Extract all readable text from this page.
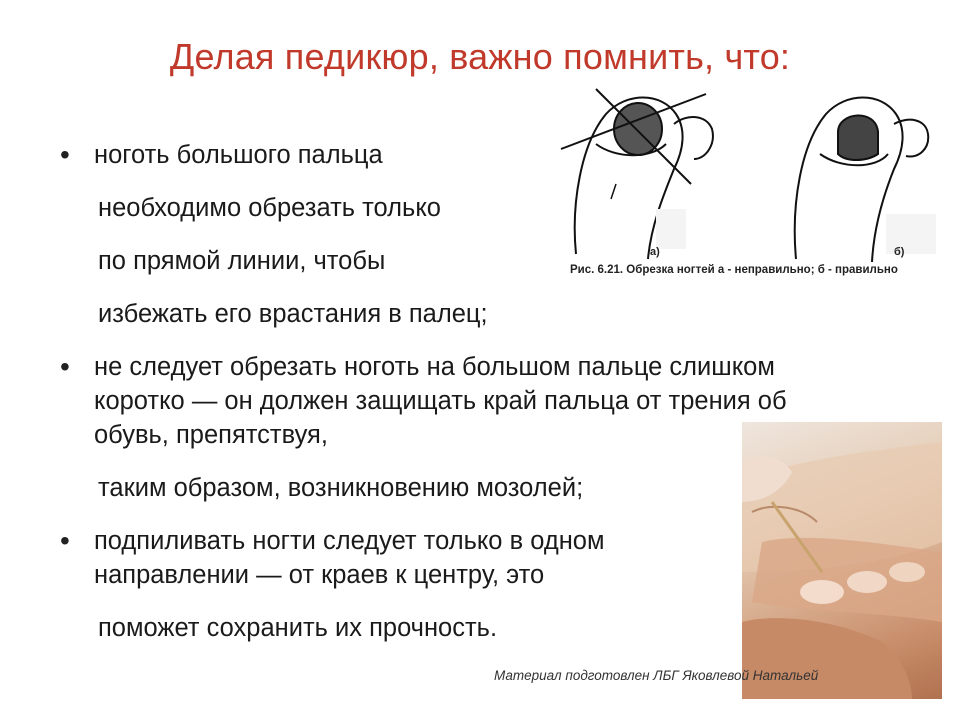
Делая педикюр, важно помнить, что:

• ноготь большого пальца

необходимо обрезать только

по прямой линии, чтобы

избежать его врастания в палец;

• не следует обрезать ноготь на большом пальце слишком коротко — он должен защищать край пальца от трения об обувь, препятствуя,

таким образом, возникновению мозолей;

• подпиливать ногти следует только в одном направлении — от краев к центру, это

поможет сохранить их прочность.

а)	б)
Рис. 6.21. Обрезка ногтей а - неправильно; б - правильно
Материал подготовлен ЛБГ Яковлевой Натальей
